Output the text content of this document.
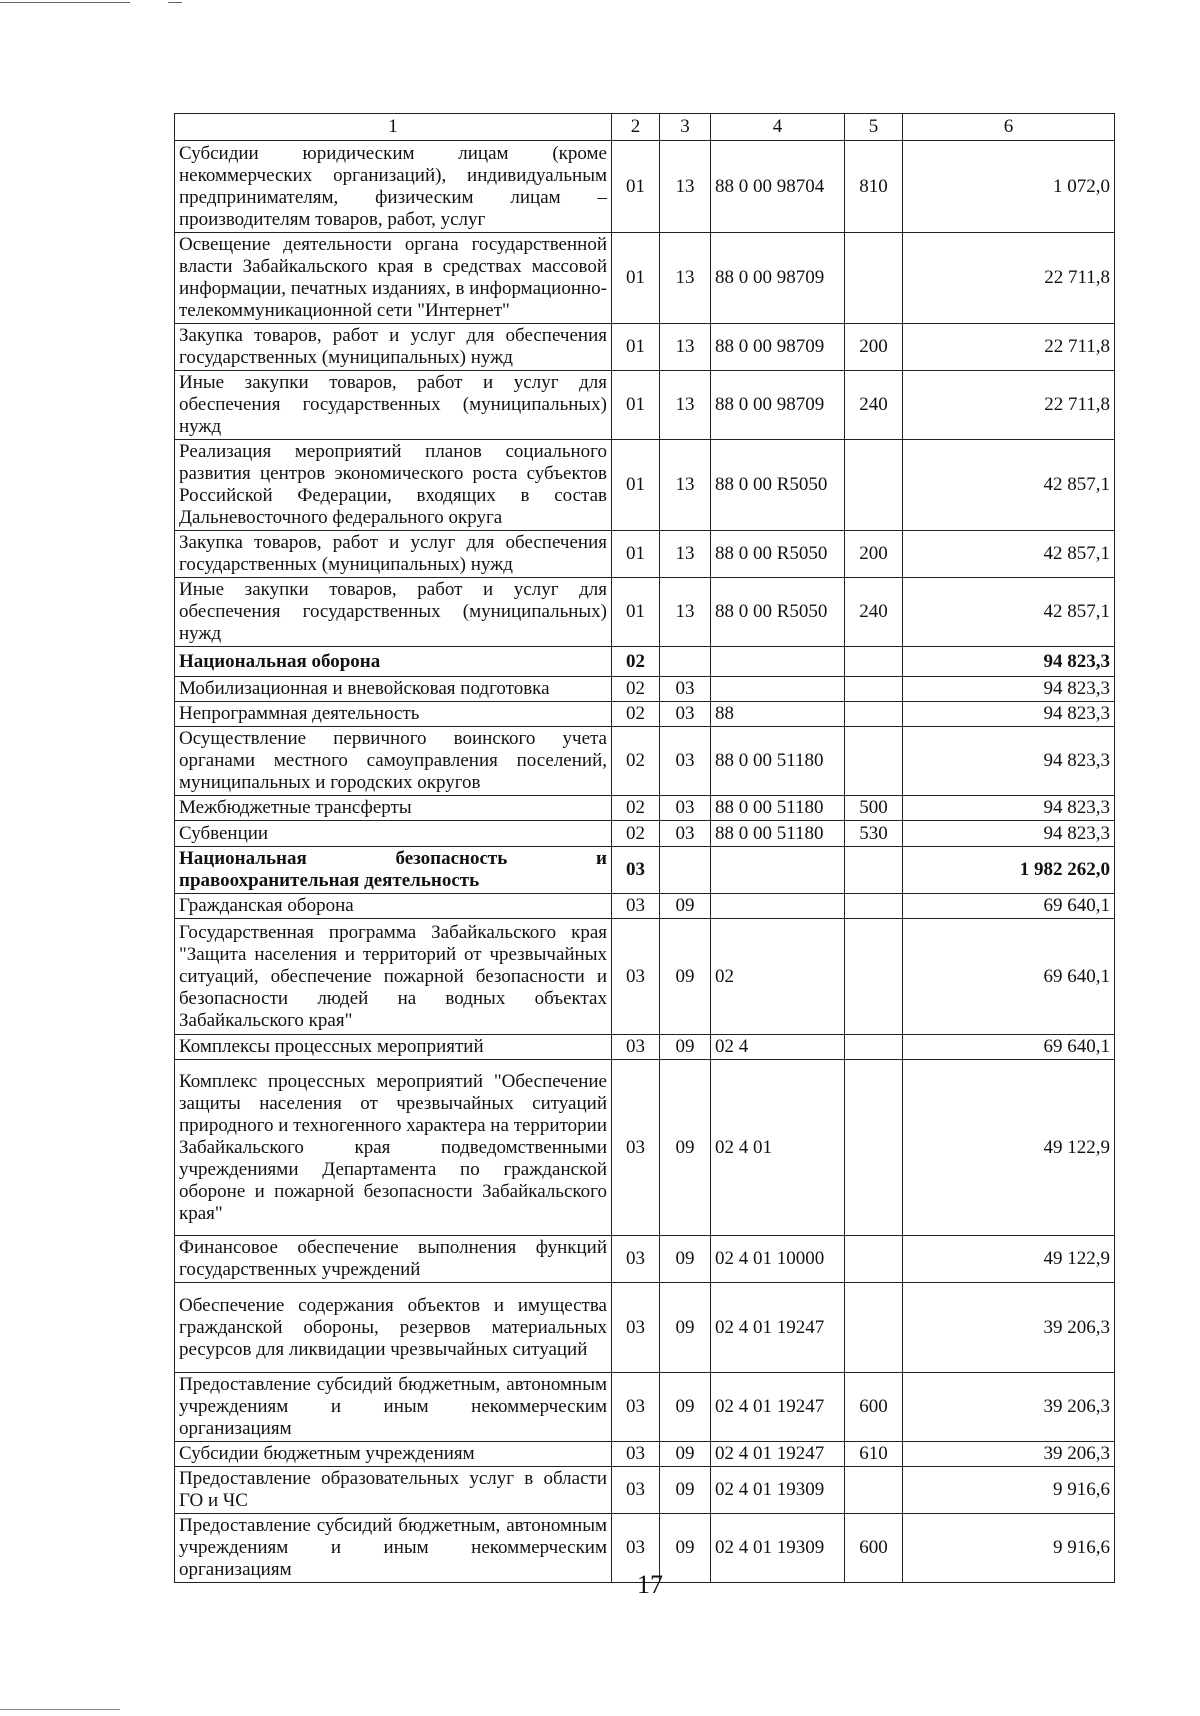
1	2	3	4	5	6
Субсидии юридическим лицам (кроме некоммерческих организаций), индивидуальным предпринимателям, физическим лицам – производителям товаров, работ, услуг	01	13	88 0 00 98704	810	1 072,0
Освещение деятельности органа государственной власти Забайкальского края в средствах массовой информации, печатных изданиях, в информационно-телекоммуникационной сети "Интернет"	01	13	88 0 00 98709		22 711,8
Закупка товаров, работ и услуг для обеспечения государственных (муниципальных) нужд	01	13	88 0 00 98709	200	22 711,8
Иные закупки товаров, работ и услуг для обеспечения государственных (муниципальных) нужд	01	13	88 0 00 98709	240	22 711,8
Реализация мероприятий планов социального развития центров экономического роста субъектов Российской Федерации, входящих в состав Дальневосточного федерального округа	01	13	88 0 00 R5050		42 857,1
Закупка товаров, работ и услуг для обеспечения государственных (муниципальных) нужд	01	13	88 0 00 R5050	200	42 857,1
Иные закупки товаров, работ и услуг для обеспечения государственных (муниципальных) нужд	01	13	88 0 00 R5050	240	42 857,1
Национальная оборона	02				94 823,3
Мобилизационная и вневойсковая подготовка	02	03			94 823,3
Непрограммная деятельность	02	03	88		94 823,3
Осуществление первичного воинского учета органами местного самоуправления поселений, муниципальных и городских округов	02	03	88 0 00 51180		94 823,3
Межбюджетные трансферты	02	03	88 0 00 51180	500	94 823,3
Субвенции	02	03	88 0 00 51180	530	94 823,3
Национальная безопасность и правоохранительная деятельность	03				1 982 262,0
Гражданская оборона	03	09			69 640,1
Государственная программа Забайкальского края "Защита населения и территорий от чрезвычайных ситуаций, обеспечение пожарной безопасности и безопасности людей на водных объектах Забайкальского края"	03	09	02		69 640,1
Комплексы процессных мероприятий	03	09	02 4		69 640,1
Комплекс процессных мероприятий "Обеспечение защиты населения от чрезвычайных ситуаций природного и техногенного характера на территории Забайкальского края подведомственными учреждениями Департамента по гражданской обороне и пожарной безопасности Забайкальского края"	03	09	02 4 01		49 122,9
Финансовое обеспечение выполнения функций государственных учреждений	03	09	02 4 01 10000		49 122,9
Обеспечение содержания объектов и имущества гражданской обороны, резервов материальных ресурсов для ликвидации чрезвычайных ситуаций	03	09	02 4 01 19247		39 206,3
Предоставление субсидий бюджетным, автономным учреждениям и иным некоммерческим организациям	03	09	02 4 01 19247	600	39 206,3
Субсидии бюджетным учреждениям	03	09	02 4 01 19247	610	39 206,3
Предоставление образовательных услуг в области ГО и ЧС	03	09	02 4 01 19309		9 916,6
Предоставление субсидий бюджетным, автономным учреждениям и иным некоммерческим организациям	03	09	02 4 01 19309	600	9 916,6
17
